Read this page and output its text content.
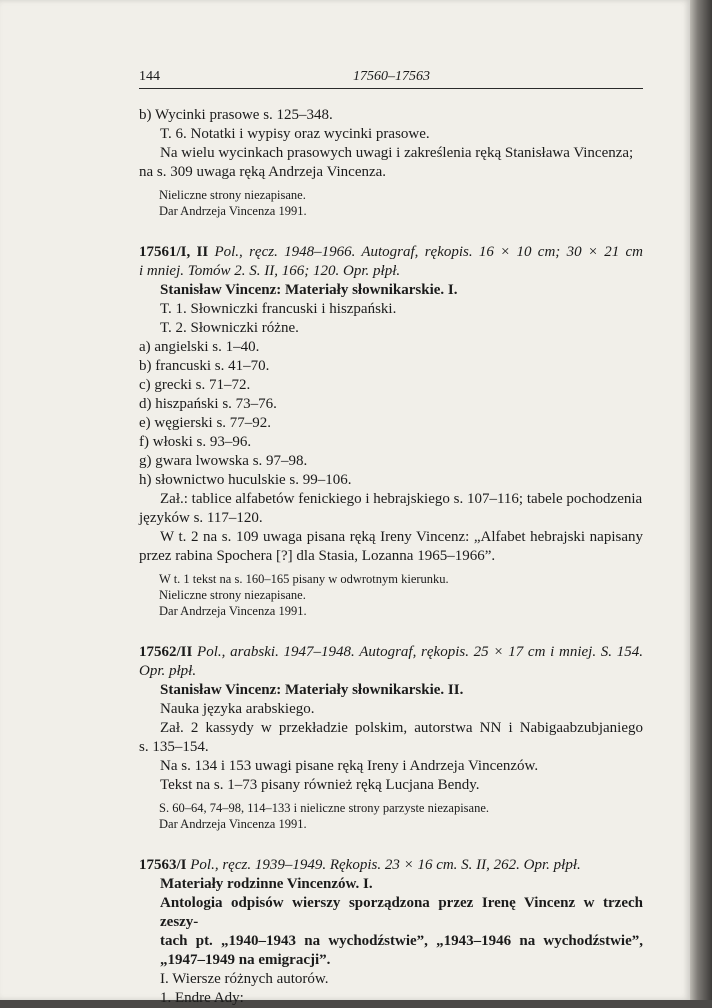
144	17560–17563
b) Wycinki prasowe s. 125–348.
T. 6. Notatki i wypisy oraz wycinki prasowe.
Na wielu wycinkach prasowych uwagi i zakreślenia ręką Stanisława Vincenza;
na s. 309 uwaga ręką Andrzeja Vincenza.
Nieliczne strony niezapisane.
Dar Andrzeja Vincenza 1991.
17561/I, II Pol., ręcz. 1948–1966. Autograf, rękopis. 16 × 10 cm; 30 × 21 cm
i mniej. Tomów 2. S. II, 166; 120. Opr. płpł.
Stanisław Vincenz: Materiały słownikarskie. I.
T. 1. Słowniczki francuski i hiszpański.
T. 2. Słowniczki różne.
a) angielski s. 1–40.
b) francuski s. 41–70.
c) grecki s. 71–72.
d) hiszpański s. 73–76.
e) węgierski s. 77–92.
f) włoski s. 93–96.
g) gwara lwowska s. 97–98.
h) słownictwo huculskie s. 99–106.
Zał.: tablice alfabetów fenickiego i hebrajskiego s. 107–116; tabele pochodzenia
języków s. 117–120.
W t. 2 na s. 109 uwaga pisana ręką Ireny Vincenz: „Alfabet hebrajski napisany
przez rabina Spochera [?] dla Stasia, Lozanna 1965–1966”.
W t. 1 tekst na s. 160–165 pisany w odwrotnym kierunku.
Nieliczne strony niezapisane.
Dar Andrzeja Vincenza 1991.
17562/II Pol., arabski. 1947–1948. Autograf, rękopis. 25 × 17 cm i mniej. S. 154.
Opr. płpł.
Stanisław Vincenz: Materiały słownikarskie. II.
Nauka języka arabskiego.
Zał. 2 kassydy w przekładzie polskim, autorstwa NN i Nabigaabzubjaniego
s. 135–154.
Na s. 134 i 153 uwagi pisane ręką Ireny i Andrzeja Vincenzów.
Tekst na s. 1–73 pisany również ręką Lucjana Bendy.
S. 60–64, 74–98, 114–133 i nieliczne strony parzyste niezapisane.
Dar Andrzeja Vincenza 1991.
17563/I Pol., ręcz. 1939–1949. Rękopis. 23 × 16 cm. S. II, 262. Opr. płpł.
Materiały rodzinne Vincenzów. I.
Antologia odpisów wierszy sporządzona przez Irenę Vincenz w trzech zeszy-
tach pt. „1940–1943 na wychodźstwie”, „1943–1946 na wychodźstwie”,
„1947–1949 na emigracji”.
I. Wiersze różnych autorów.
1. Endre Ady:
